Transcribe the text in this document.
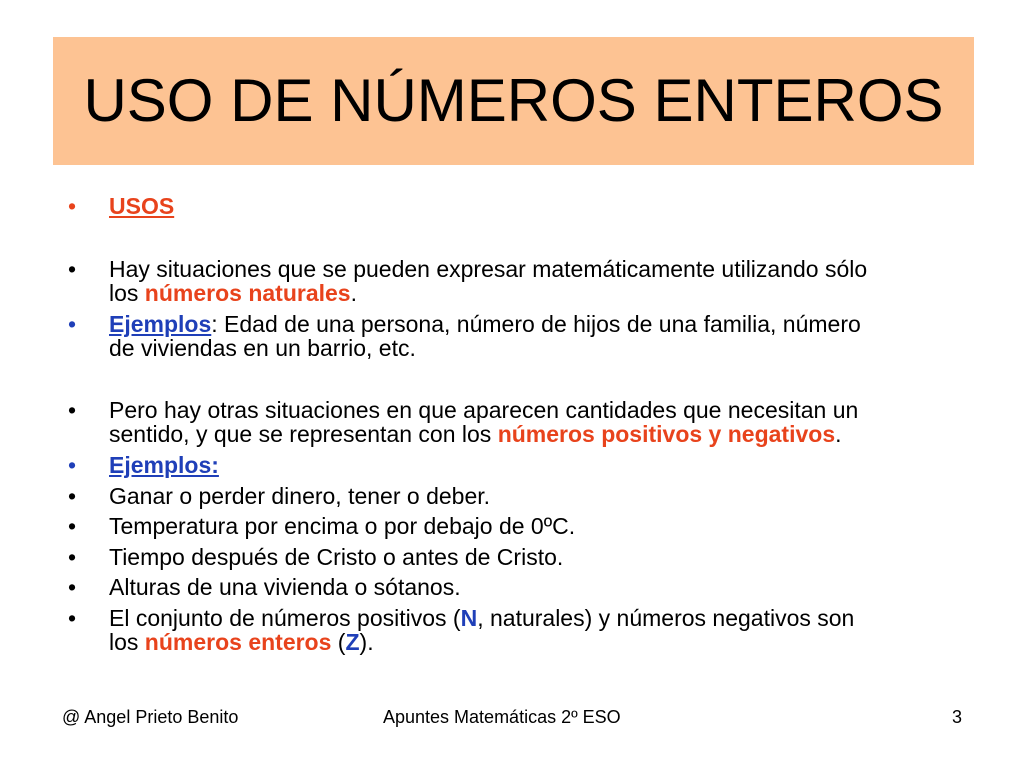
USO DE NÚMEROS ENTEROS
•	USOS
•	Hay situaciones que se pueden expresar matemáticamente utilizando sólo
los números naturales.
•	Ejemplos: Edad de una persona, número de hijos de una familia, número
de viviendas en un barrio, etc.
•	Pero hay otras situaciones en que aparecen cantidades que necesitan un
sentido, y que se representan con los números positivos y negativos.
•	Ejemplos:
•	Ganar o perder dinero, tener o deber.
•	Temperatura por encima o por debajo de 0ºC.
•	Tiempo después de Cristo o antes de Cristo.
•	Alturas de una vivienda o sótanos.
•	El conjunto de números positivos (N, naturales) y números negativos son
los números enteros (Z).
@ Angel Prieto Benito	Apuntes Matemáticas 2º ESO	3
